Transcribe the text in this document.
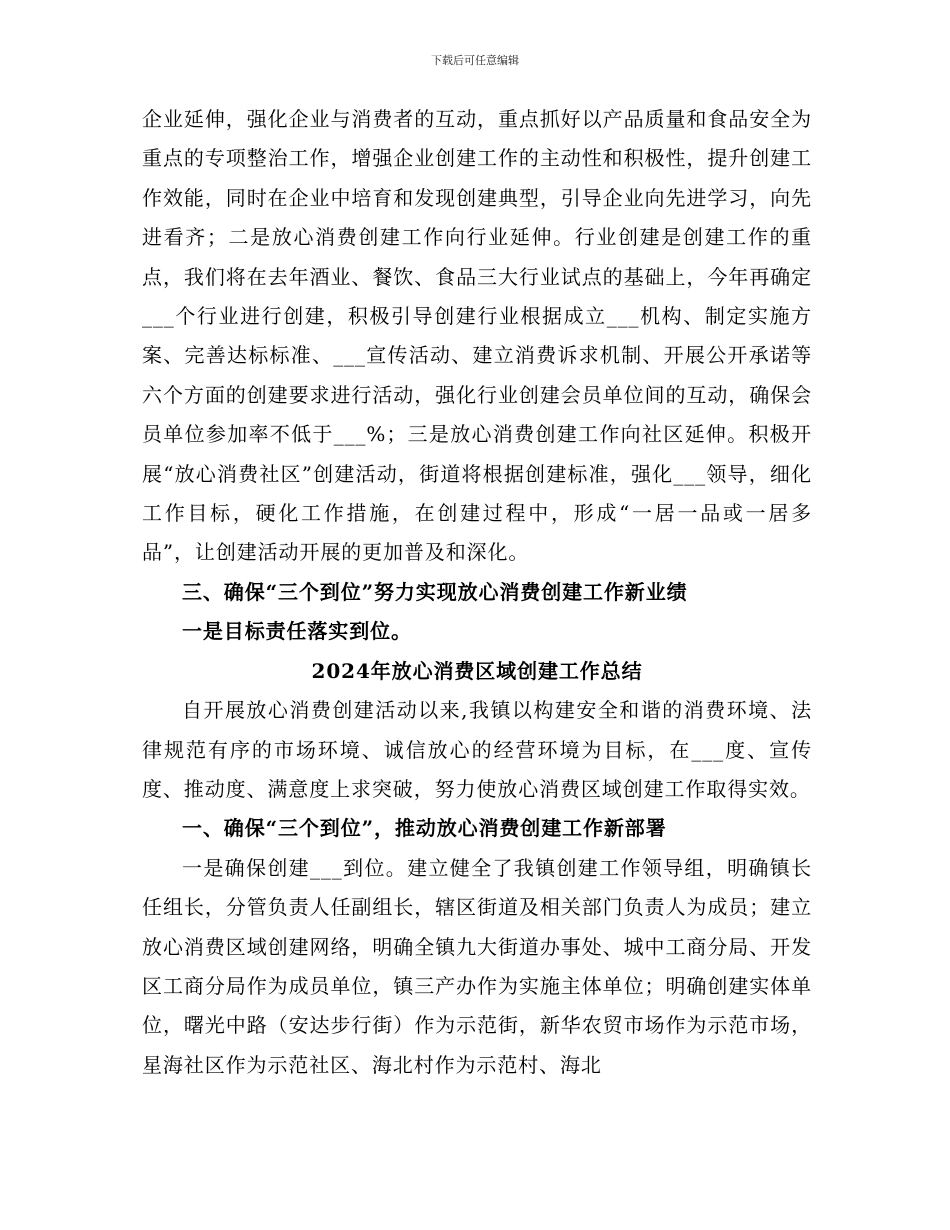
下载后可任意编辑

企业延伸，强化企业与消费者的互动，重点抓好以产品质量和食品安全为重点的专项整治工作，增强企业创建工作的主动性和积极性，提升创建工作效能，同时在企业中培育和发现创建典型，引导企业向先进学习，向先进看齐；二是放心消费创建工作向行业延伸。行业创建是创建工作的重点，我们将在去年酒业、餐饮、食品三大行业试点的基础上，今年再确定___个行业进行创建，积极引导创建行业根据成立___机构、制定实施方案、完善达标标准、___宣传活动、建立消费诉求机制、开展公开承诺等六个方面的创建要求进行活动，强化行业创建会员单位间的互动，确保会员单位参加率不低于___%；三是放心消费创建工作向社区延伸。积极开展“放心消费社区”创建活动，街道将根据创建标准，强化___领导，细化工作目标，硬化工作措施，在创建过程中，形成“一居一品或一居多品”，让创建活动开展的更加普及和深化。

三、确保“三个到位”努力实现放心消费创建工作新业绩

一是目标责任落实到位。

2024年放心消费区域创建工作总结

自开展放心消费创建活动以来,我镇以构建安全和谐的消费环境、法律规范有序的市场环境、诚信放心的经营环境为目标，在___度、宣传度、推动度、满意度上求突破，努力使放心消费区域创建工作取得实效。

一、确保“三个到位”，推动放心消费创建工作新部署

一是确保创建___到位。建立健全了我镇创建工作领导组，明确镇长任组长，分管负责人任副组长，辖区街道及相关部门负责人为成员；建立放心消费区域创建网络，明确全镇九大街道办事处、城中工商分局、开发区工商分局作为成员单位，镇三产办作为实施主体单位；明确创建实体单位，曙光中路（安达步行街）作为示范街，新华农贸市场作为示范市场，星海社区作为示范社区、海北村作为示范村、海北
